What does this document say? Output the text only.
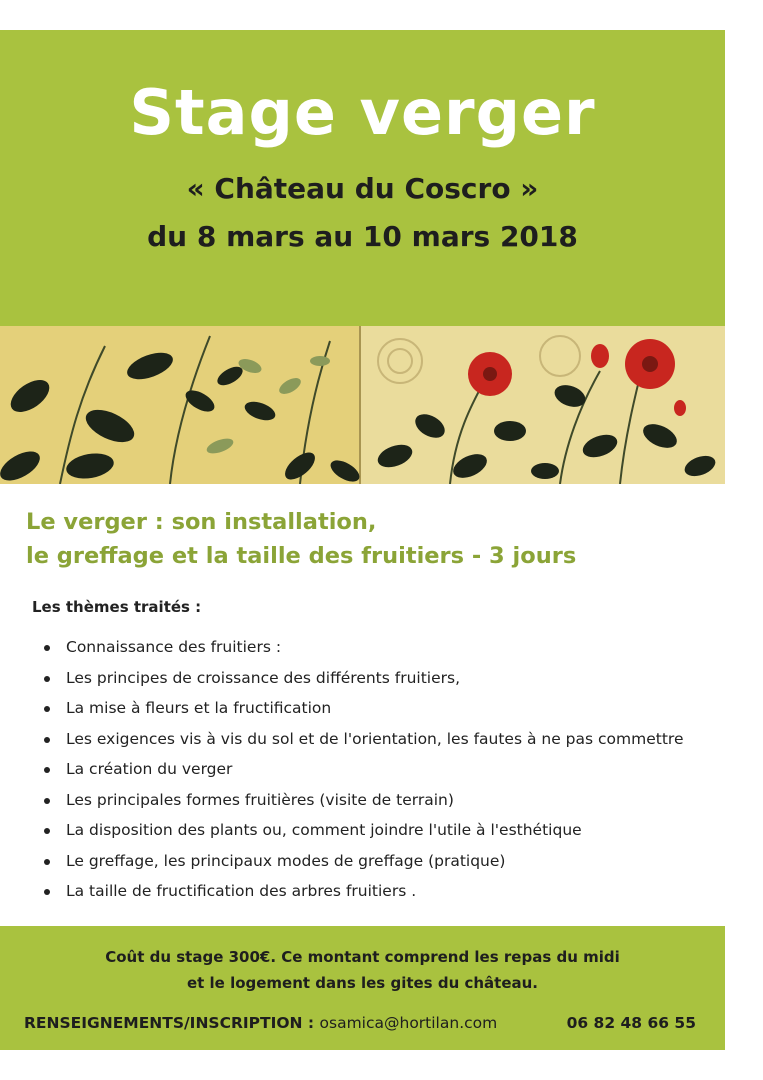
Stage verger
« Château du Coscro »
du 8 mars au 10 mars 2018
Le verger : son installation,
le greffage et la taille des fruitiers - 3 jours
Les thèmes traités :
Connaissance des fruitiers :
Les principes de croissance des différents fruitiers,
La mise à fleurs et la fructification
Les exigences vis à vis du sol et de l'orientation, les fautes à ne pas commettre
La création du verger
Les principales formes fruitières (visite de terrain)
La disposition des plants ou, comment joindre l'utile à l'esthétique
Le greffage, les principaux modes de greffage (pratique)
La taille de fructification des arbres fruitiers .
Coût du stage 300€. Ce montant comprend les repas du midi
et le logement dans les gites du château.
RENSEIGNEMENTS/INSCRIPTION : osamica@hortilan.com	06 82 48 66 55
